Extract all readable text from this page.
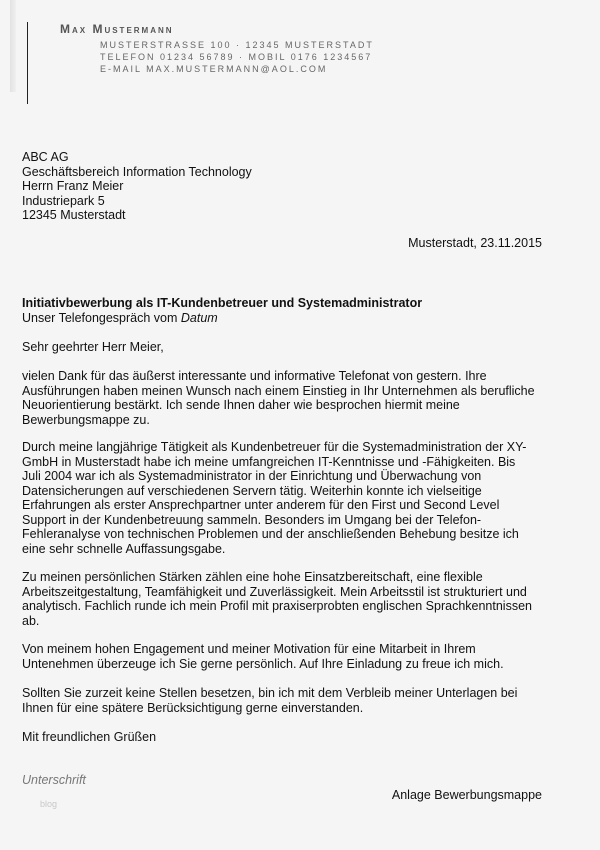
Max Mustermann
MUSTERSTRASSE 100 · 12345 MUSTERSTADT
TELEFON 01234 56789 · MOBIL 0176 1234567
E-MAIL MAX.MUSTERMANN@AOL.COM
ABC AG
Geschäftsbereich Information Technology
Herrn Franz Meier
Industriepark 5
12345 Musterstadt
Musterstadt, 23.11.2015
Initiativbewerbung als IT-Kundenbetreuer und Systemadministrator
Unser Telefongespräch vom Datum
Sehr geehrter Herr Meier,
vielen Dank für das äußerst interessante und informative Telefonat von gestern. Ihre
Ausführungen haben meinen Wunsch nach einem Einstieg in Ihr Unternehmen als berufliche
Neuorientierung bestärkt. Ich sende Ihnen daher wie besprochen hiermit meine
Bewerbungsmappe zu.
Durch meine langjährige Tätigkeit als Kundenbetreuer für die Systemadministration der XY-
GmbH in Musterstadt habe ich meine umfangreichen IT-Kenntnisse und -Fähigkeiten. Bis
Juli 2004 war ich als Systemadministrator in der Einrichtung und Überwachung von
Datensicherungen auf verschiedenen Servern tätig. Weiterhin konnte ich vielseitige
Erfahrungen als erster Ansprechpartner unter anderem für den First und Second Level
Support in der Kundenbetreuung sammeln. Besonders im Umgang bei der Telefon-
Fehleranalyse von technischen Problemen und der anschließenden Behebung besitze ich
eine sehr schnelle Auffassungsgabe.
Zu meinen persönlichen Stärken zählen eine hohe Einsatzbereitschaft, eine flexible
Arbeitszeitgestaltung, Teamfähigkeit und Zuverlässigkeit. Mein Arbeitsstil ist strukturiert und
analytisch. Fachlich runde ich mein Profil mit praxiserprobten englischen Sprachkenntnissen
ab.
Von meinem hohen Engagement und meiner Motivation für eine Mitarbeit in Ihrem
Untenehmen überzeuge ich Sie gerne persönlich. Auf Ihre Einladung zu freue ich mich.
Sollten Sie zurzeit keine Stellen besetzen, bin ich mit dem Verbleib meiner Unterlagen bei
Ihnen für eine spätere Berücksichtigung gerne einverstanden.
Mit freundlichen Grüßen
Unterschrift
blog
Anlage Bewerbungsmappe
